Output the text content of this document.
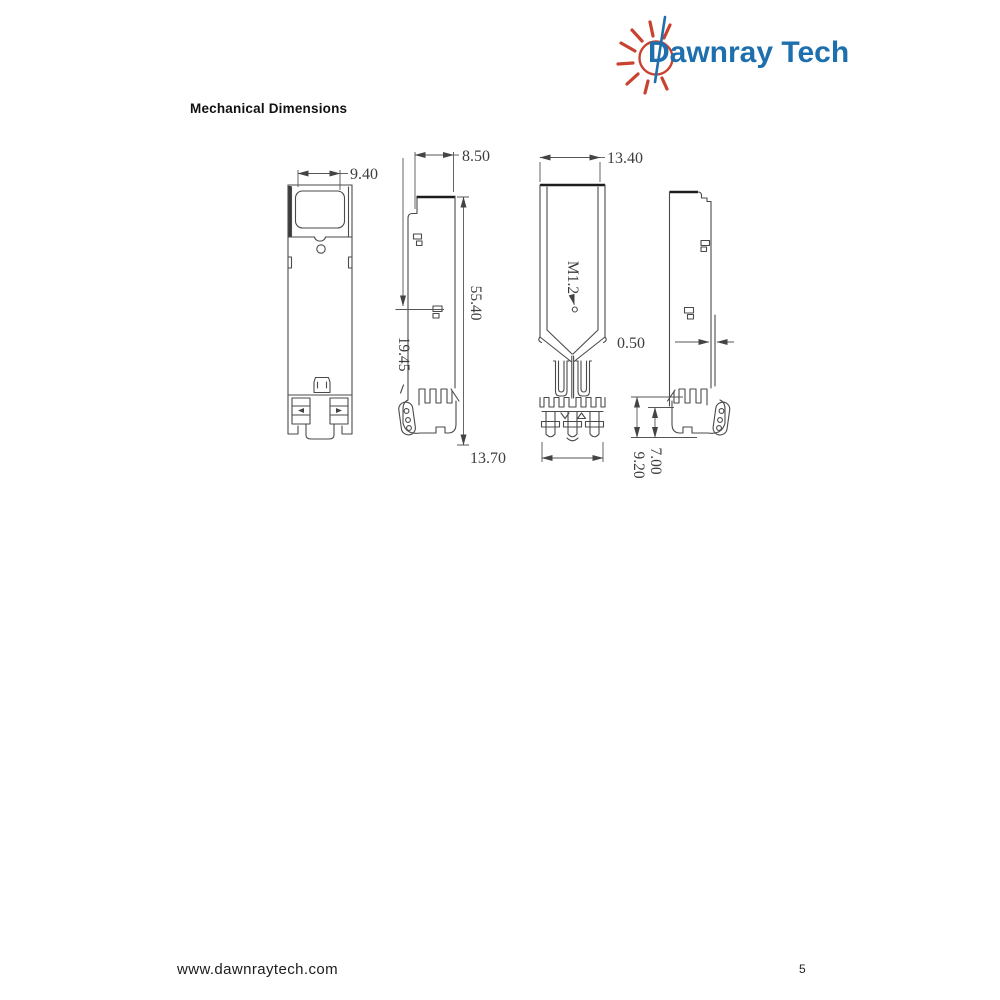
Dawnray Tech
Mechanical Dimensions
9.40
8.50
55.40
19.45
M1.2
13.40
13.70
0.50
9.20 7.00
www.dawnraytech.com	5
